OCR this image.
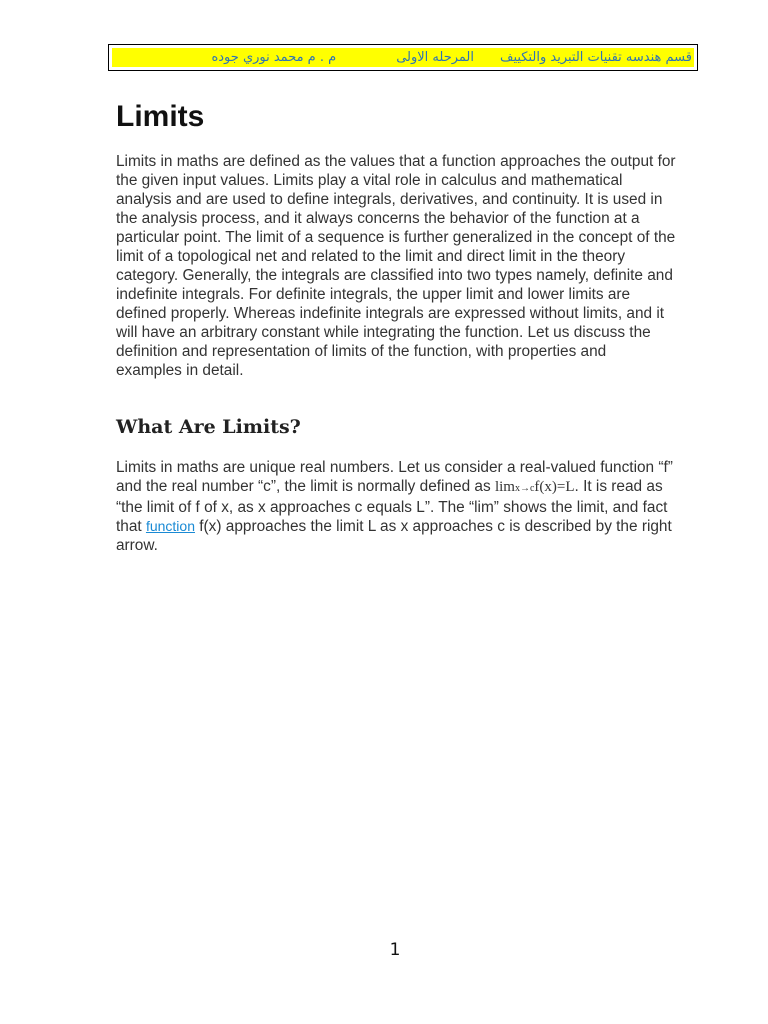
قسم هندسه تقنيات التبريد والتكييف
المرحله الاولى
م . م محمد نوري جوده
Limits

Limits in maths are defined as the values that a function approaches the output for the given input values. Limits play a vital role in calculus and mathematical analysis and are used to define integrals, derivatives, and continuity. It is used in the analysis process, and it always concerns the behavior of the function at a particular point. The limit of a sequence is further generalized in the concept of the limit of a topological net and related to the limit and direct limit in the theory category. Generally, the integrals are classified into two types namely, definite and indefinite integrals. For definite integrals, the upper limit and lower limits are defined properly. Whereas indefinite integrals are expressed without limits, and it will have an arbitrary constant while integrating the function. Let us discuss the definition and representation of limits of the function, with properties and examples in detail.

What Are Limits?

Limits in maths are unique real numbers. Let us consider a real-valued function “f” and the real number “c”, the limit is normally defined as limx→cf(x)=L. It is read as “the limit of f of x, as x approaches c equals L”. The “lim” shows the limit, and fact that function f(x) approaches the limit L as x approaches c is described by the right arrow.

1
